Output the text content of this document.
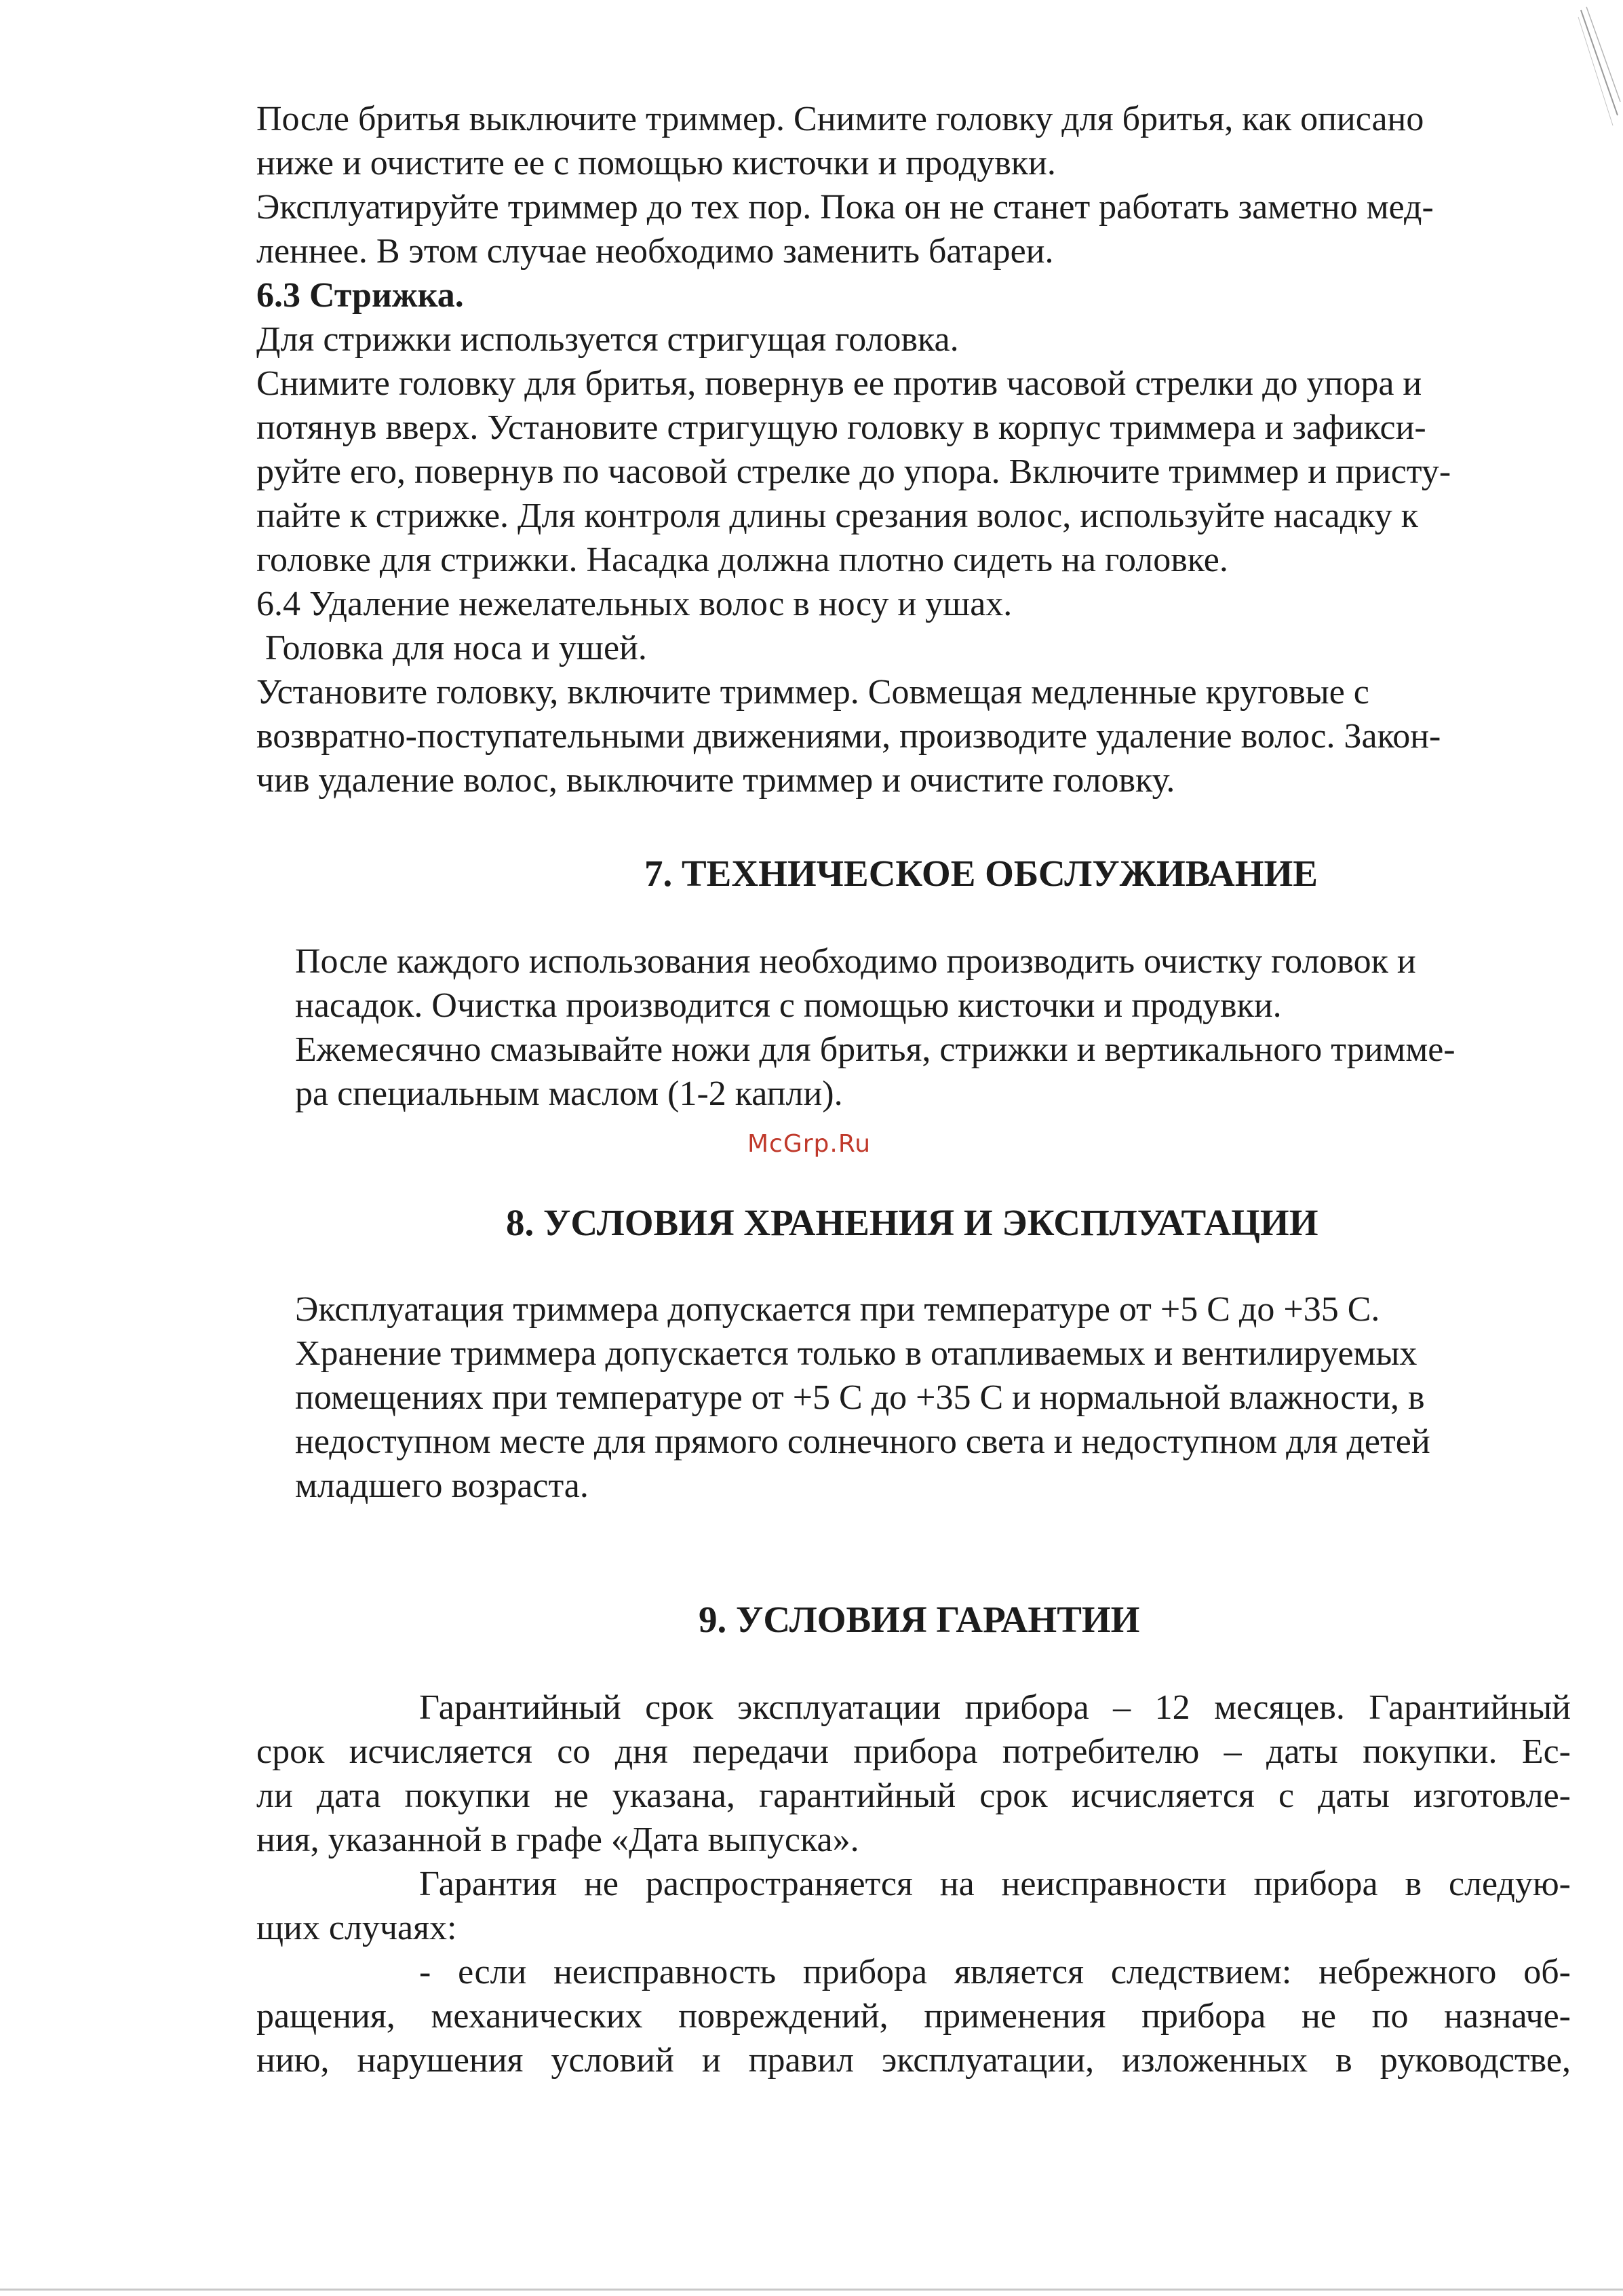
После бритья выключите триммер. Снимите головку для бритья, как описано
ниже и очистите ее с помощью кисточки и продувки.
Эксплуатируйте триммер до тех пор. Пока он не станет работать заметно мед-
леннее. В этом случае необходимо заменить батареи.
6.3 Стрижка.
Для стрижки используется стригущая головка.
Снимите головку для бритья, повернув ее против часовой стрелки до упора и
потянув вверх. Установите стригущую головку в корпус триммера и зафикси-
руйте его, повернув по часовой стрелке до упора. Включите триммер и присту-
пайте к стрижке. Для контроля длины срезания волос, используйте насадку к
головке для стрижки. Насадка должна плотно сидеть на головке.
6.4 Удаление нежелательных волос в носу и ушах.
Головка для носа и ушей.
Установите головку, включите триммер. Совмещая медленные круговые с
возвратно-поступательными движениями, производите удаление волос. Закон-
чив удаление волос, выключите триммер и очистите головку.
7. ТЕХНИЧЕСКОЕ ОБСЛУЖИВАНИЕ
После каждого использования необходимо производить очистку головок и
насадок. Очистка производится с помощью кисточки и продувки.
Ежемесячно смазывайте ножи для бритья, стрижки и вертикального тримме-
ра специальным маслом (1-2 капли).
McGrp.Ru
8. УСЛОВИЯ ХРАНЕНИЯ И ЭКСПЛУАТАЦИИ
Эксплуатация триммера допускается при температуре от +5 С до +35 С.
Хранение триммера допускается только в отапливаемых и вентилируемых
помещениях при температуре от +5 С до +35 С и нормальной влажности, в
недоступном месте для прямого солнечного света и недоступном для детей
младшего возраста.
9. УСЛОВИЯ ГАРАНТИИ
Гарантийный срок эксплуатации прибора – 12 месяцев. Гарантийный
срок исчисляется со дня передачи прибора потребителю – даты покупки. Ес-
ли дата покупки не указана, гарантийный срок исчисляется с даты изготовле-
ния, указанной в графе «Дата выпуска».
Гарантия не распространяется на неисправности прибора в следую-
щих случаях:
- если неисправность прибора является следствием: небрежного об-
ращения, механических повреждений, применения прибора не по назначе-
нию, нарушения условий и правил эксплуатации, изложенных в руководстве,
